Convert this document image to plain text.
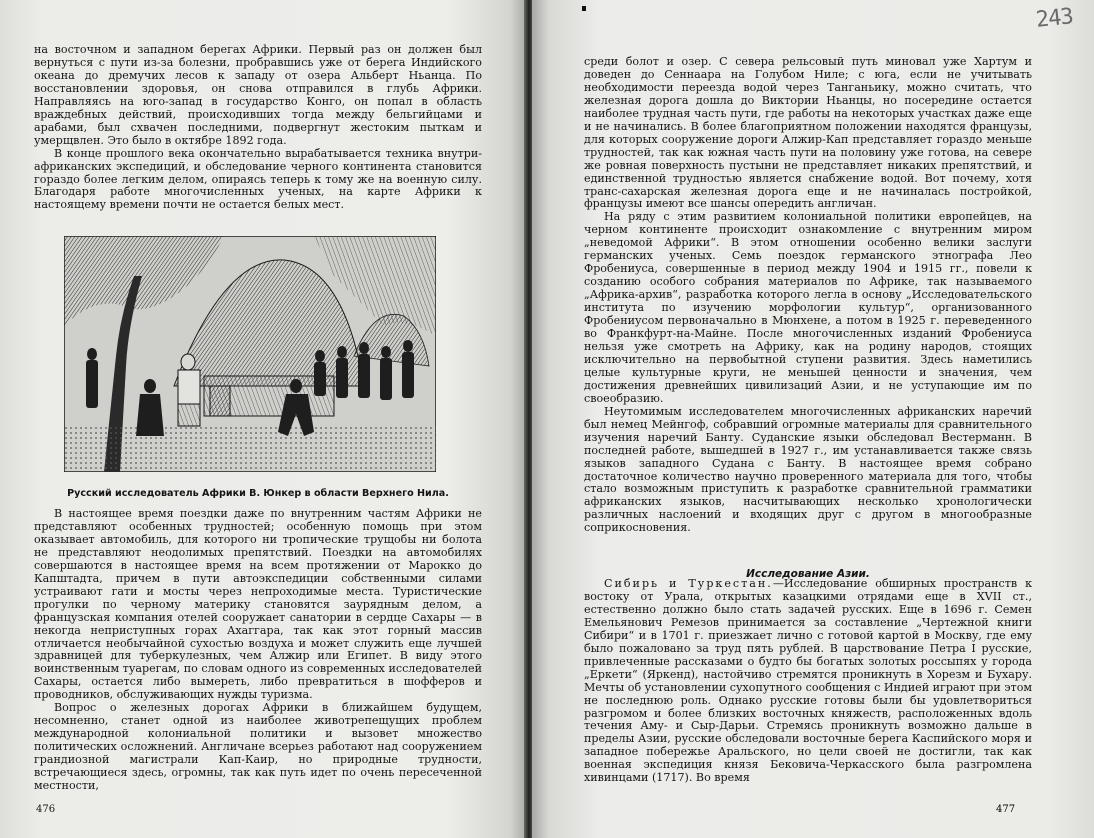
на восточном и западном берегах Африки. Первый раз он должен был вернуться с пути из-за болезни, пробравшись уже от берега Индийского океана до дремучих лесов к западу от озера Альберт Ньанца. По восстановлении здоровья, он снова отправился в глубь Африки. Направляясь на юго-запад в государство Конго, он попал в область враждебных действий, происходивших тогда между бельгийцами и арабами, был схвачен последними, подвергнут жестоким пыткам и умерщвлен. Это было в октябре 1892 года.

В конце прошлого века окончательно вырабатывается техника внутри-африканских экспедиций, и обследование черного континента становится гораздо более легким делом, опираясь теперь к тому же на военную силу. Благодаря работе многочисленных ученых, на карте Африки к настоящему времени почти не остается белых мест.

Русский исследователь Африки В. Юнкер в области Верхнего Нила.

В настоящее время поездки даже по внутренним частям Африки не представляют особенных трудностей; особенную помощь при этом оказывает автомобиль, для которого ни тропические трущобы ни болота не представляют неодолимых препятствий. Поездки на автомобилях совершаются в настоящее время на всем протяжении от Марокко до Капштадта, причем в пути автоэкспедиции собственными силами устраивают гати и мосты через непроходимые места. Туристические прогулки по черному материку становятся заурядным делом, а французская компания отелей сооружает санатории в сердце Сахары — в некогда неприступных горах Ахаггара, так как этот горный массив отличается необычайной сухостью воздуха и может служить еще лучшей здравницей для туберкулезных, чем Алжир или Египет. В виду этого воинственным туарегам, по словам одного из современных исследователей Сахары, остается либо вымереть, либо превратиться в шофферов и проводников, обслуживающих нужды туризма.

Вопрос о железных дорогах Африки в ближайшем будущем, несомненно, станет одной из наиболее животрепещущих проблем международной колониальной политики и вызовет множество политических осложнений. Англичане всерьез работают над сооружением грандиозной магистрали Кап-Каир, но природные трудности, встречающиеся здесь, огромны, так как путь идет по очень пересеченной местности,

476

среди болот и озер. С севера рельсовый путь миновал уже Хартум и доведен до Сеннаара на Голубом Ниле; с юга, если не учитывать необходимости переезда водой через Танганьику, можно считать, что железная дорога дошла до Виктории Ньанцы, но посередине остается наиболее трудная часть пути, где работы на некоторых участках даже еще и не начинались. В более благоприятном положении находятся французы, для которых сооружение дороги Алжир-Кап представляет гораздо меньше трудностей, так как южная часть пути на половину уже готова, на севере же ровная поверхность пустыни не представляет никаких препятствий, и единственной трудностью является снабжение водой. Вот почему, хотя транс-сахарская железная дорога еще и не начиналась постройкой, французы имеют все шансы опередить англичан.

На ряду с этим развитием колониальной политики европейцев, на черном континенте происходит ознакомление с внутренним миром „неведомой Африки“. В этом отношении особенно велики заслуги германских ученых. Семь поездок германского этнографа Лео Фробениуса, совершенные в период между 1904 и 1915 гг., повели к созданию особого собрания материалов по Африке, так называемого „Африка-архив“, разработка которого легла в основу „Исследовательского института по изучению морфологии культур“, организованного Фробениусом первоначально в Мюнхене, а потом в 1925 г. переведенного во Франкфурт-на-Майне. После многочисленных изданий Фробениуса нельзя уже смотреть на Африку, как на родину народов, стоящих исключительно на первобытной ступени развития. Здесь наметились целые культурные круги, не меньшей ценности и значения, чем достижения древнейших цивилизаций Азии, и не уступающие им по своеобразию.

Неутомимым исследователем многочисленных африканских наречий был немец Мейнгоф, собравший огромные материалы для сравнительного изучения наречий Банту. Суданские языки обследовал Вестерманн. В последней работе, вышедшей в 1927 г., им устанавливается также связь языков западного Судана с Банту. В настоящее время собрано достаточное количество научно проверенного материала для того, чтобы стало возможным приступить к разработке сравнительной грамматики африканских языков, насчитывающих несколько хронологически различных наслоений и входящих друг с другом в многообразные соприкосновения.

Исследование Азии.

Сибирь и Туркестан.—Исследование обширных пространств к востоку от Урала, открытых казацкими отрядами еще в XVII ст., естественно должно было стать задачей русских. Еще в 1696 г. Семен Емельянович Ремезов принимается за составление „Чертежной книги Сибири“ и в 1701 г. приезжает лично с готовой картой в Москву, где ему было пожаловано за труд пять рублей. В царствование Петра I русские, привлеченные рассказами о будто бы богатых золотых россыпях у города „Еркети“ (Яркенд), настойчиво стремятся проникнуть в Хорезм и Бухару. Мечты об установлении сухопутного сообщения с Индией играют при этом не последнюю роль. Однако русские готовы были бы удовлетвориться разгромом и более близких восточных княжеств, расположенных вдоль течения Аму- и Сыр-Дарьи. Стремясь проникнуть возможно дальше в пределы Азии, русские обследовали восточные берега Каспийского моря и западное побережье Аральского, но цели своей не достигли, так как военная экспедиция князя Бековича-Черкасского была разгромлена хивинцами (1717). Во время

477
243
